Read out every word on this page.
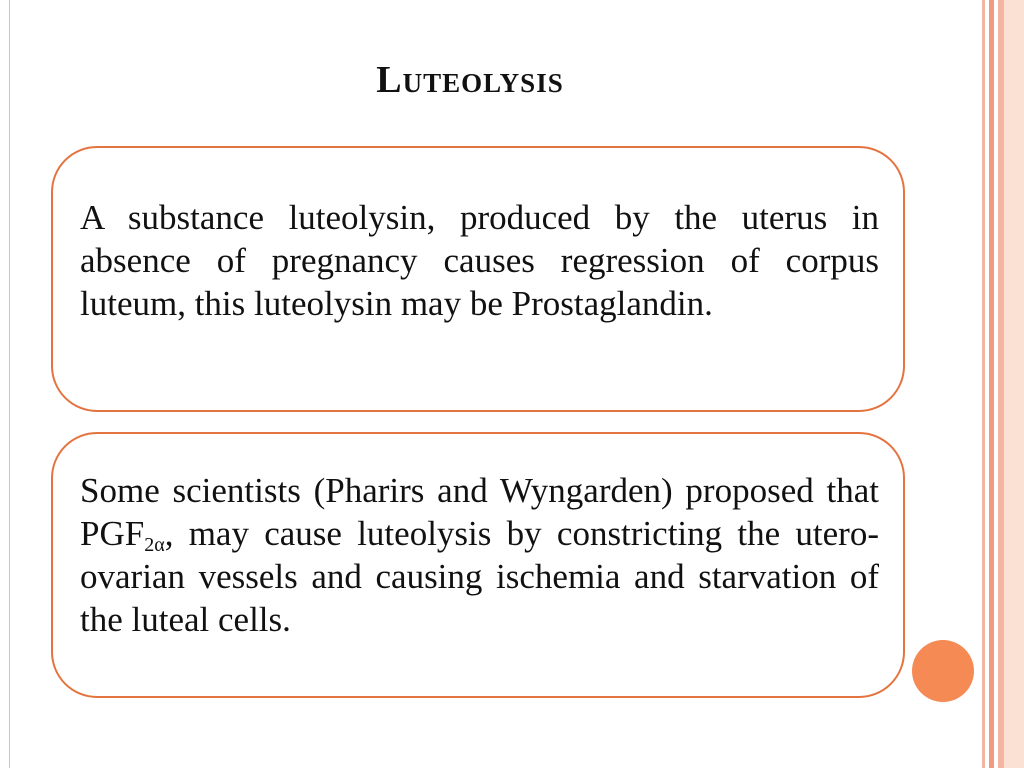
Luteolysis

A substance luteolysin, produced by the uterus in absence of pregnancy causes regression of corpus luteum, this luteolysin may be Prostaglandin.

Some scientists (Pharirs and Wyngarden) proposed that $PGF_{2\alpha}$, may cause luteolysis by constricting the utero-ovarian vessels and causing ischemia and starvation of the luteal cells.
